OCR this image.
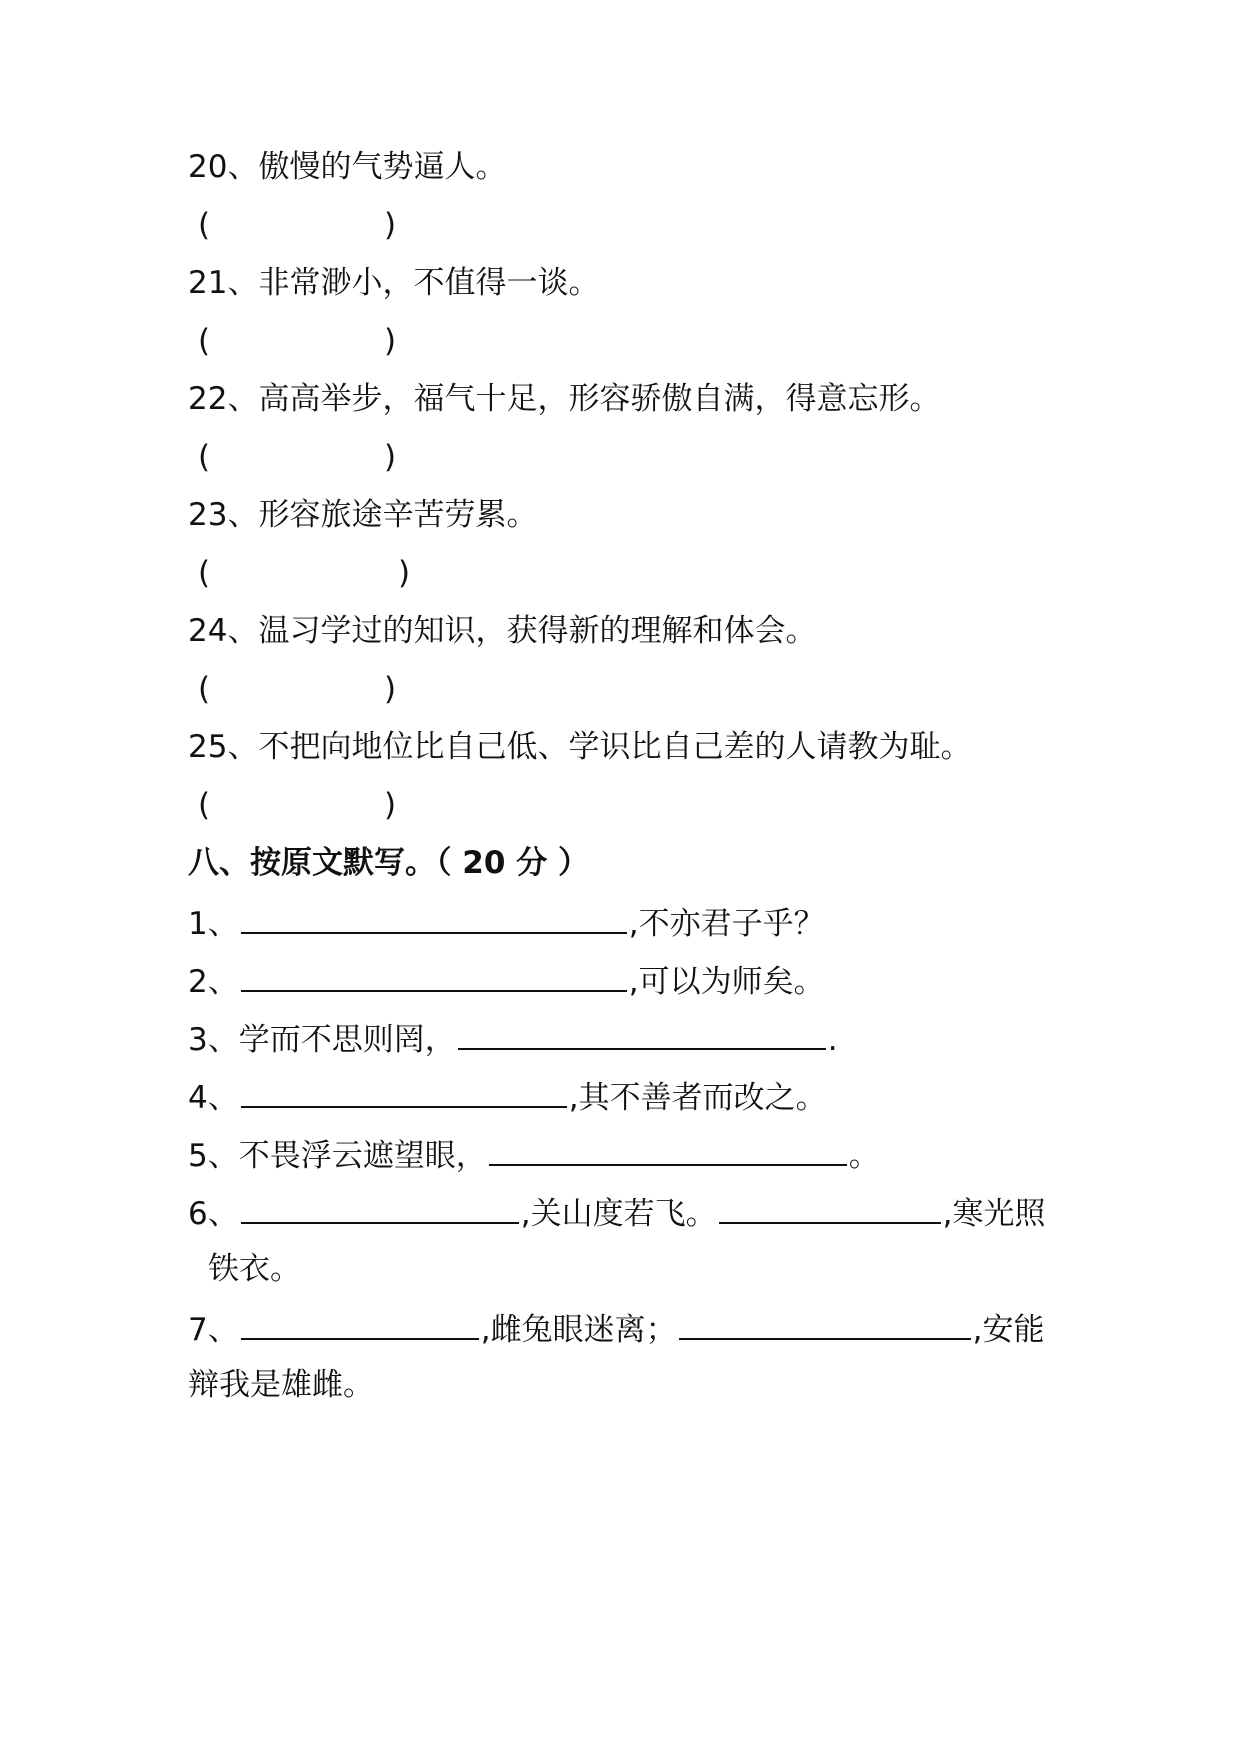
20、傲慢的气势逼人。
(	)
21、非常渺小，不值得一谈。
(	)
22、高高举步，福气十足，形容骄傲自满，得意忘形。
(	)
23、形容旅途辛苦劳累。
(	)
24、温习学过的知识，获得新的理解和体会。
(	)
25、不把向地位比自己低、学识比自己差的人请教为耻。
(	)
八、按原文默写。（ 20 分 ）
1、	,不亦君子乎？
2、	,可以为师矣。
3、学而不思则罔，	.
4、	,其不善者而改之。
5、不畏浮云遮望眼，	。
6、	,关山度若飞。	,寒光照
铁衣。
7、	,雌兔眼迷离；	,安能
辩我是雄雌。
